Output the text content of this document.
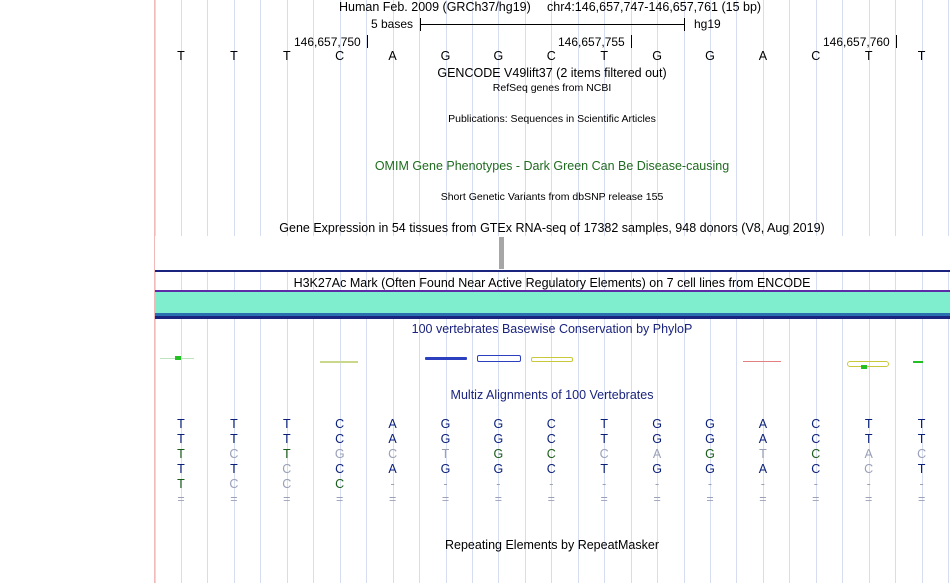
Human Feb. 2009 (GRCh37/hg19) chr4:146,657,747-146,657,761 (15 bp)
5 bases	hg19
146,657,750	146,657,755	146,657,760
T	T	T	C	A	G	G	C	T	G	G	A	C	T	T
GENCODE V49lift37 (2 items filtered out)
RefSeq genes from NCBI
Publications: Sequences in Scientific Articles
OMIM Gene Phenotypes - Dark Green Can Be Disease-causing
Short Genetic Variants from dbSNP release 155
Gene Expression in 54 tissues from GTEx RNA-seq of 17382 samples, 948 donors (V8, Aug 2019)
H3K27Ac Mark (Often Found Near Active Regulatory Elements) on 7 cell lines from ENCODE
100 vertebrates Basewise Conservation by PhyloP
Multiz Alignments of 100 Vertebrates
T	T	T	C	A	G	G	C	T	G	G	A	C	T	T
T	T	T	C	A	G	G	C	T	G	G	A	C	T	T
T	C	T	G	C	T	G	C	C	A	G	T	C	A	C
T	T	C	C	A	G	G	C	T	G	G	A	C	C	T
T	C	C	C	-	-	-	-	-	-	-	-	-	-	-
=	=	=	=	=	=	=	=	=	=	=	=	=	=	=
Repeating Elements by RepeatMasker
